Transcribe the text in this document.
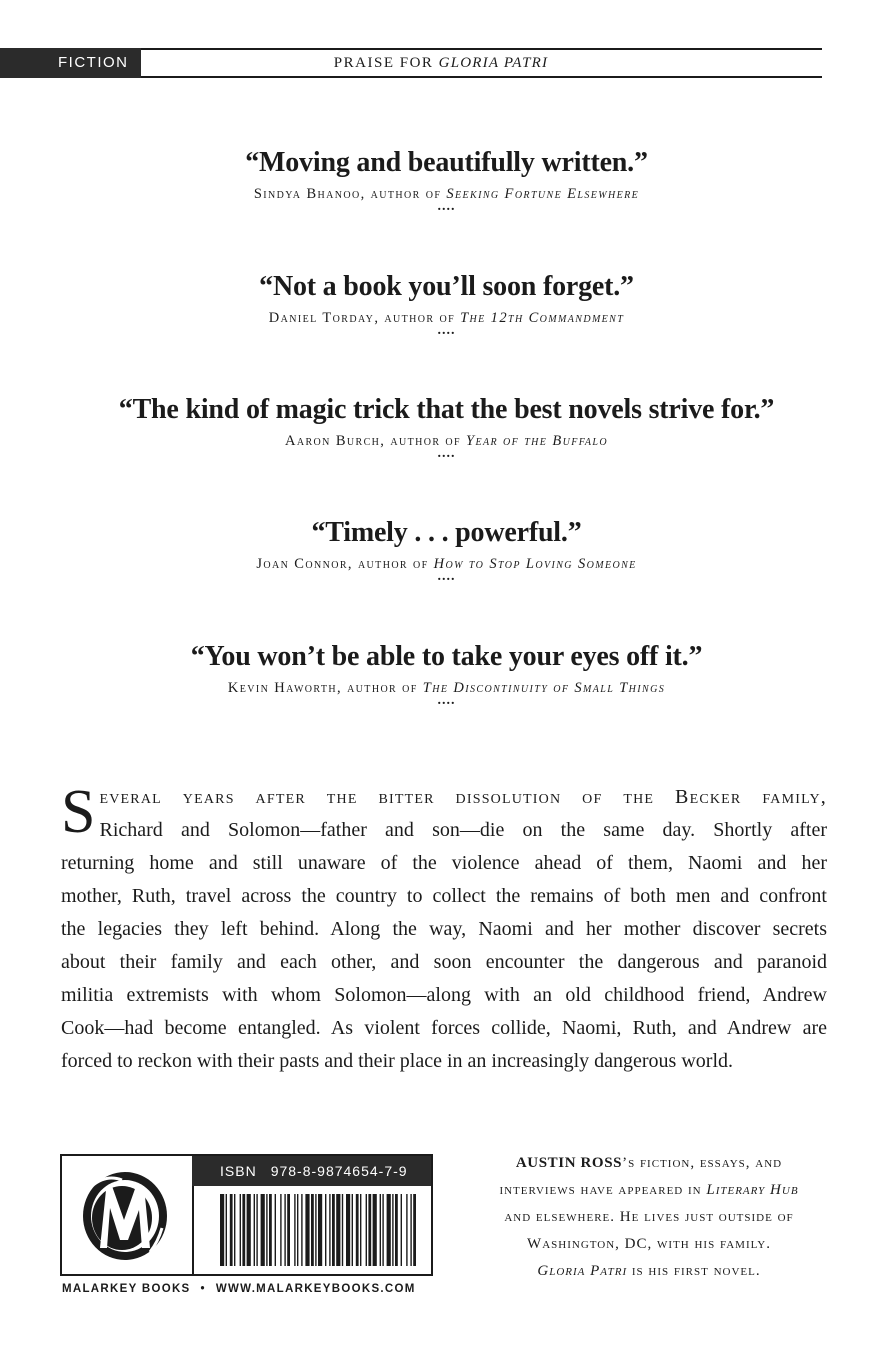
FICTION	PRAISE FOR GLORIA PATRI
“Moving and beautifully written.”
Sindya Bhanoo, author of Seeking Fortune Elsewhere
....
“Not a book you’ll soon forget.”
Daniel Torday, author of The 12th Commandment
....
“The kind of magic trick that the best novels strive for.”
Aaron Burch, author of Year of the Buffalo
....
“Timely . . . powerful.”
Joan Connor, author of How to Stop Loving Someone
....
“You won’t be able to take your eyes off it.”
Kevin Haworth, author of The Discontinuity of Small Things
....
S everal years after the bitter dissolution of the Becker family,
Richard and Solomon—father and son—die on the same day. Shortly after
returning home and still unaware of the violence ahead of them, Naomi and her
mother, Ruth, travel across the country to collect the remains of both men and confront
the legacies they left behind. Along the way, Naomi and her mother discover secrets
about their family and each other, and soon encounter the dangerous and paranoid
militia extremists with whom Solomon—along with an old childhood friend, Andrew
Cook—had become entangled. As violent forces collide, Naomi, Ruth, and Andrew are
forced to reckon with their pasts and their place in an increasingly dangerous world.
ISBN 978-8-9874654-7-9
MALARKEY BOOKS • WWW.MALARKEYBOOKS.COM
AUSTIN ROSS’s fiction, essays, and
interviews have appeared in Literary Hub
and elsewhere. He lives just outside of
Washington, DC, with his family.
Gloria Patri is his first novel.
